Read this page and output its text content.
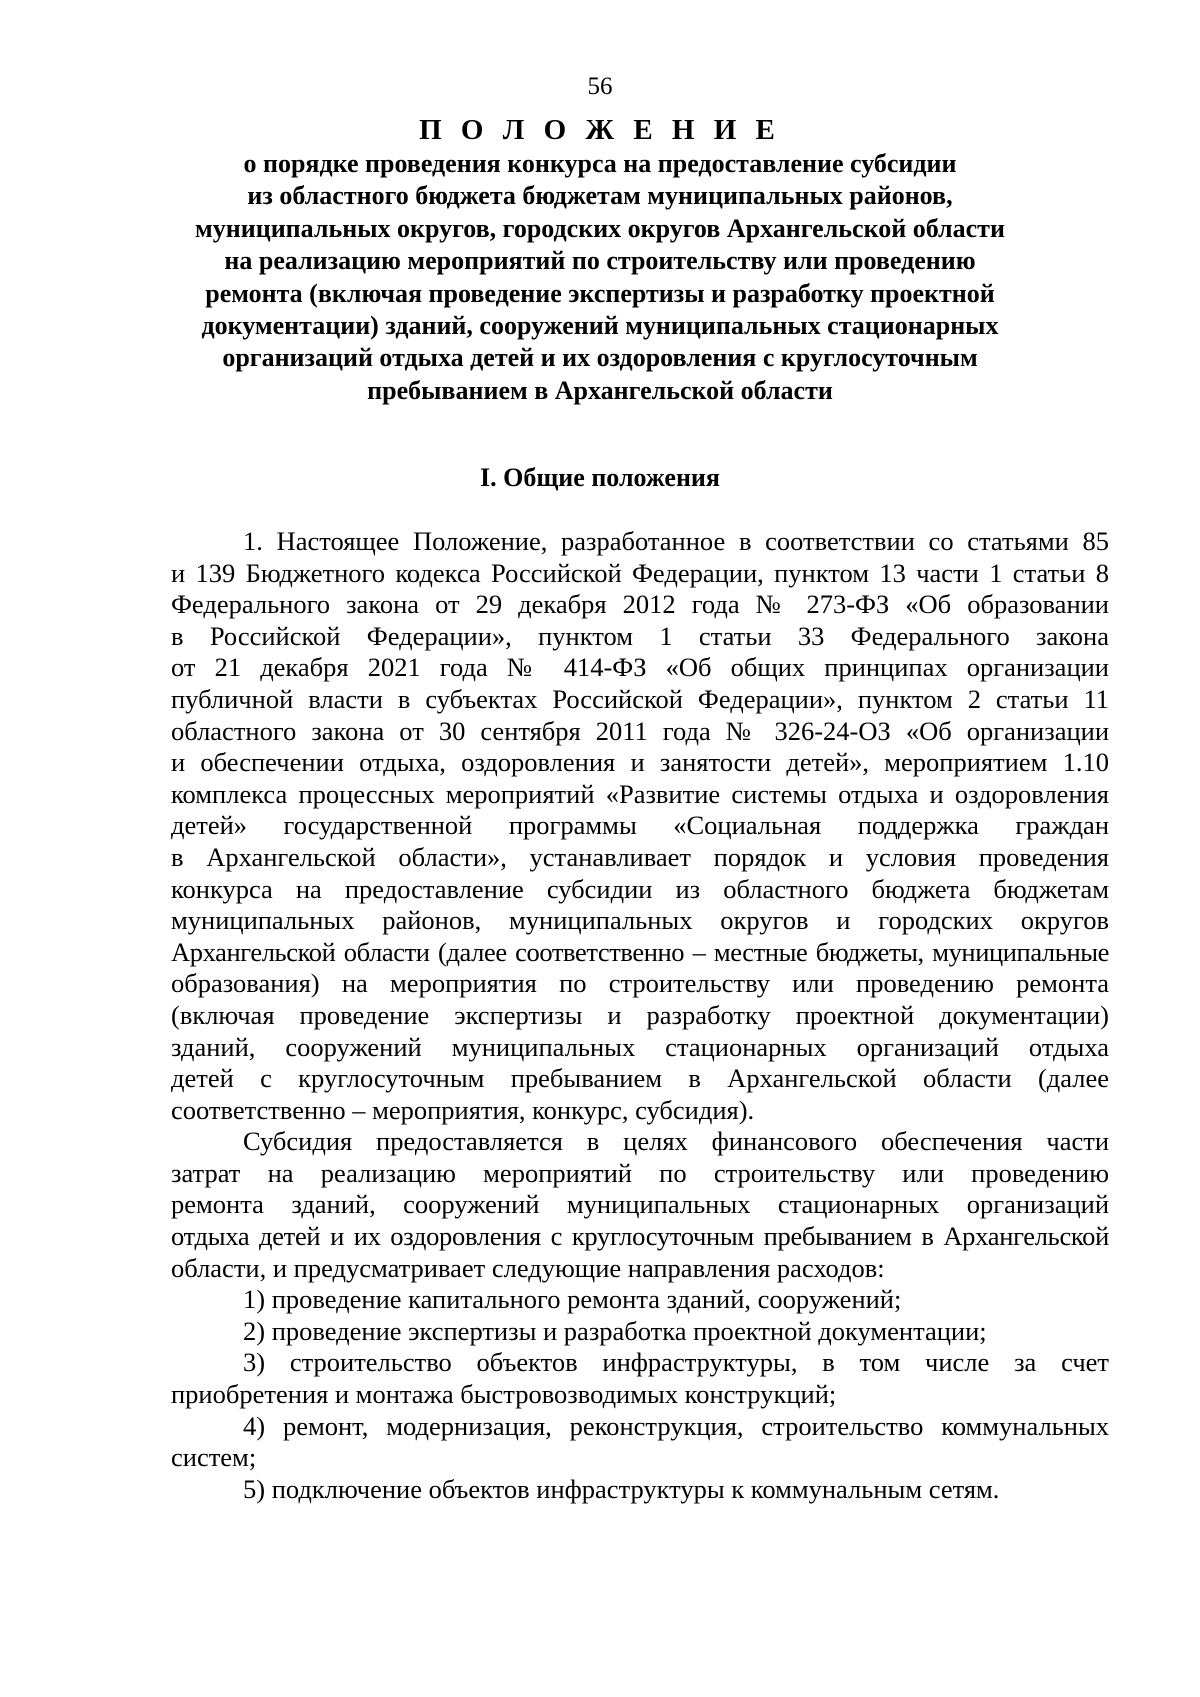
56
П О Л О Ж Е Н И Е
о порядке проведения конкурса на предоставление субсидии
из областного бюджета бюджетам муниципальных районов,
муниципальных округов, городских округов Архангельской области
на реализацию мероприятий по строительству или проведению
ремонта (включая проведение экспертизы и разработку проектной
документации) зданий, сооружений муниципальных стационарных
организаций отдыха детей и их оздоровления с круглосуточным
пребыванием в Архангельской области
I. Общие положения
1. Настоящее Положение, разработанное в соответствии со статьями 85
и 139 Бюджетного кодекса Российской Федерации, пунктом 13 части 1 статьи 8
Федерального закона от 29 декабря 2012 года № 273-ФЗ «Об образовании
в Российской Федерации», пунктом 1 статьи 33 Федерального закона
от 21 декабря 2021 года № 414-ФЗ «Об общих принципах организации
публичной власти в субъектах Российской Федерации», пунктом 2 статьи 11
областного закона от 30 сентября 2011 года № 326-24-ОЗ «Об организации
и обеспечении отдыха, оздоровления и занятости детей», мероприятием 1.10
комплекса процессных мероприятий «Развитие системы отдыха и оздоровления
детей» государственной программы «Социальная поддержка граждан
в Архангельской области», устанавливает порядок и условия проведения
конкурса на предоставление субсидии из областного бюджета бюджетам
муниципальных районов, муниципальных округов и городских округов
Архангельской области (далее соответственно – местные бюджеты, муниципальные
образования) на мероприятия по строительству или проведению ремонта
(включая проведение экспертизы и разработку проектной документации)
зданий, сооружений муниципальных стационарных организаций отдыха
детей с круглосуточным пребыванием в Архангельской области (далее
соответственно – мероприятия, конкурс, субсидия).
Субсидия предоставляется в целях финансового обеспечения части
затрат на реализацию мероприятий по строительству или проведению
ремонта зданий, сооружений муниципальных стационарных организаций
отдыха детей и их оздоровления с круглосуточным пребыванием в Архангельской
области, и предусматривает следующие направления расходов:
1) проведение капитального ремонта зданий, сооружений;
2) проведение экспертизы и разработка проектной документации;
3) строительство объектов инфраструктуры, в том числе за счет
приобретения и монтажа быстровозводимых конструкций;
4) ремонт, модернизация, реконструкция, строительство коммунальных
систем;
5) подключение объектов инфраструктуры к коммунальным сетям.
